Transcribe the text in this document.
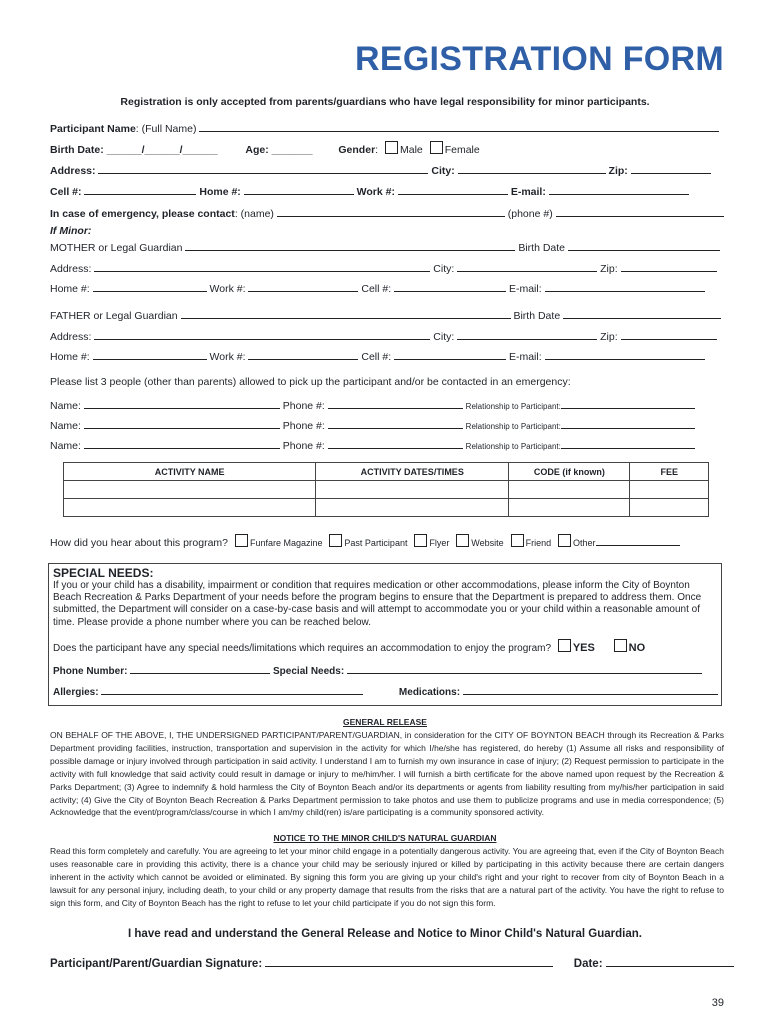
REGISTRATION FORM
Registration is only accepted from parents/guardians who have legal responsibility for minor participants.
Participant Name: (Full Name)
Birth Date: ______/______/______	Age: _______ Gender: Male Female
Address:	City:	Zip:
Cell #:	Home #:	Work #:	E-mail:
In case of emergency, please contact: (name)	(phone #)
If Minor:
MOTHER or Legal Guardian	Birth Date
Address:	City:	Zip:
Home #:	Work #:	Cell #:	E-mail:
FATHER or Legal Guardian	Birth Date
Address:	City:	Zip:
Home #:	Work #:	Cell #:	E-mail:
Please list 3 people (other than parents) allowed to pick up the participant and/or be contacted in an emergency:
Name:	Phone #:	Relationship to Participant:
Name:	Phone #:	Relationship to Participant:
Name:	Phone #:	Relationship to Participant:
ACTIVITY NAME	ACTIVITY DATES/TIMES	CODE (if known)	FEE

How did you hear about this program? Funfare Magazine Past Participant Flyer Website Friend Other
SPECIAL NEEDS:
If you or your child has a disability, impairment or condition that requires medication or other accommodations, please inform the City of Boynton Beach Recreation & Parks Department of your needs before the program begins to ensure that the Department is prepared to address them. Once submitted, the Department will consider on a case-by-case basis and will attempt to accommodate you or your child within a reasonable amount of time. Please provide a phone number where you can be reached below.
Does the participant have any special needs/limitations which requires an accommodation to enjoy the program? YES	NO
Phone Number:	Special Needs:
Allergies:	Medications:
GENERAL RELEASE
ON BEHALF OF THE ABOVE, I, THE UNDERSIGNED PARTICIPANT/PARENT/GUARDIAN, in consideration for the CITY OF BOYNTON BEACH through its Recreation & Parks Department providing facilities, instruction, transportation and supervision in the activity for which I/he/she has registered, do hereby (1) Assume all risks and responsibility of possible damage or injury involved through participation in said activity. I understand I am to furnish my own insurance in case of injury; (2) Request permission to participate in the activity with full knowledge that said activity could result in damage or injury to me/him/her. I will furnish a birth certificate for the above named upon request by the Recreation & Parks Department; (3) Agree to indemnify & hold harmless the City of Boynton Beach and/or its departments or agents from liability resulting from my/his/her participation in said activity; (4) Give the City of Boynton Beach Recreation & Parks Department permission to take photos and use them to publicize programs and use in media correspondence; (5) Acknowledge that the event/program/class/course in which I am/my child(ren) is/are participating is a community sponsored activity.
NOTICE TO THE MINOR CHILD'S NATURAL GUARDIAN
Read this form completely and carefully. You are agreeing to let your minor child engage in a potentially dangerous activity. You are agreeing that, even if the City of Boynton Beach uses reasonable care in providing this activity, there is a chance your child may be seriously injured or killed by participating in this activity because there are certain dangers inherent in the activity which cannot be avoided or eliminated. By signing this form you are giving up your child's right and your right to recover from city of Boynton Beach in a lawsuit for any personal injury, including death, to your child or any property damage that results from the risks that are a natural part of the activity. You have the right to refuse to sign this form, and City of Boynton Beach has the right to refuse to let your child participate if you do not sign this form.
I have read and understand the General Release and Notice to Minor Child's Natural Guardian.
Participant/Parent/Guardian Signature:	Date:
39
